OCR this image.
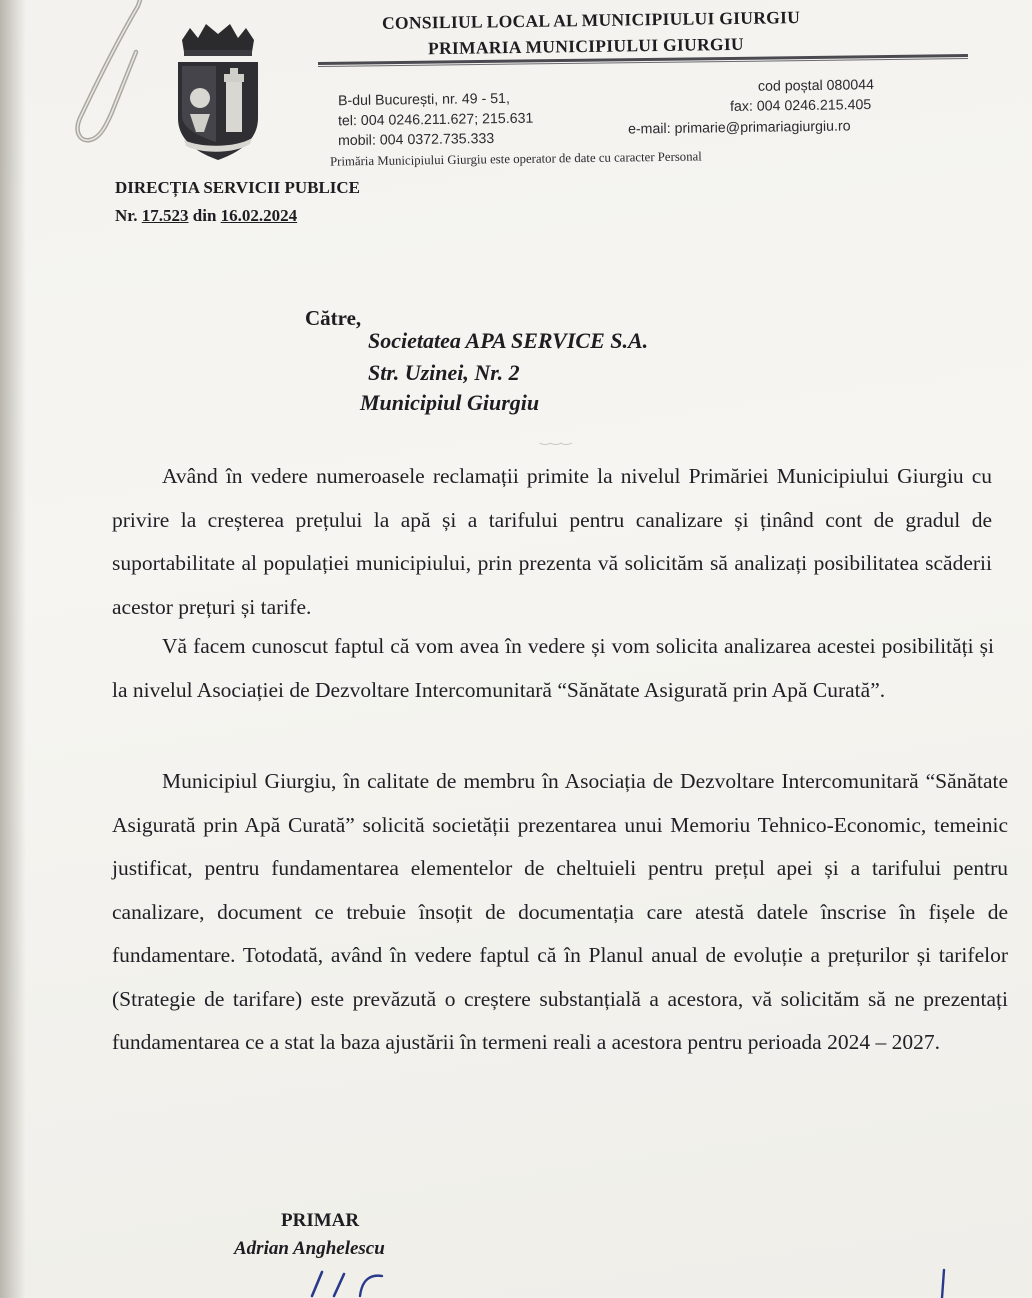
CONSILIUL LOCAL AL MUNICIPIULUI GIURGIU
PRIMARIA MUNICIPIULUI GIURGIU
B-dul București, nr. 49 - 51,
tel: 004 0246.211.627; 215.631
mobil: 004 0372.735.333
cod poștal 080044
fax: 004 0246.215.405
e-mail: primarie@primariagiurgiu.ro
Primăria Municipiului Giurgiu este operator de date cu caracter Personal
DIRECȚIA SERVICII PUBLICE
Nr. 17.523 din 16.02.2024
Către,
Societatea APA SERVICE S.A.
Str. Uzinei, Nr. 2
Municipiul Giurgiu
‿‿‿
Având în vedere numeroasele reclamații primite la nivelul Primăriei Municipiului Giurgiu cu privire la creșterea prețului la apă și a tarifului pentru canalizare și ținând cont de gradul de suportabilitate al populației municipiului, prin prezenta vă solicităm să analizați posibilitatea scăderii acestor prețuri și tarife.
Vă facem cunoscut faptul că vom avea în vedere și vom solicita analizarea acestei posibilități și la nivelul Asociației de Dezvoltare Intercomunitară “Sănătate Asigurată prin Apă Curată”.
Municipiul Giurgiu, în calitate de membru în Asociația de Dezvoltare Intercomunitară “Sănătate Asigurată prin Apă Curată” solicită societății prezentarea unui Memoriu Tehnico-Economic, temeinic justificat, pentru fundamentarea elementelor de cheltuieli pentru prețul apei și a tarifului pentru canalizare, document ce trebuie însoțit de documentația care atestă datele înscrise în fișele de fundamentare. Totodată, având în vedere faptul că în Planul anual de evoluție a prețurilor și tarifelor (Strategie de tarifare) este prevăzută o creștere substanțială a acestora, vă solicităm să ne prezentați fundamentarea ce a stat la baza ajustării în termeni reali a acestora pentru perioada 2024 – 2027.
PRIMAR
Adrian Anghelescu
